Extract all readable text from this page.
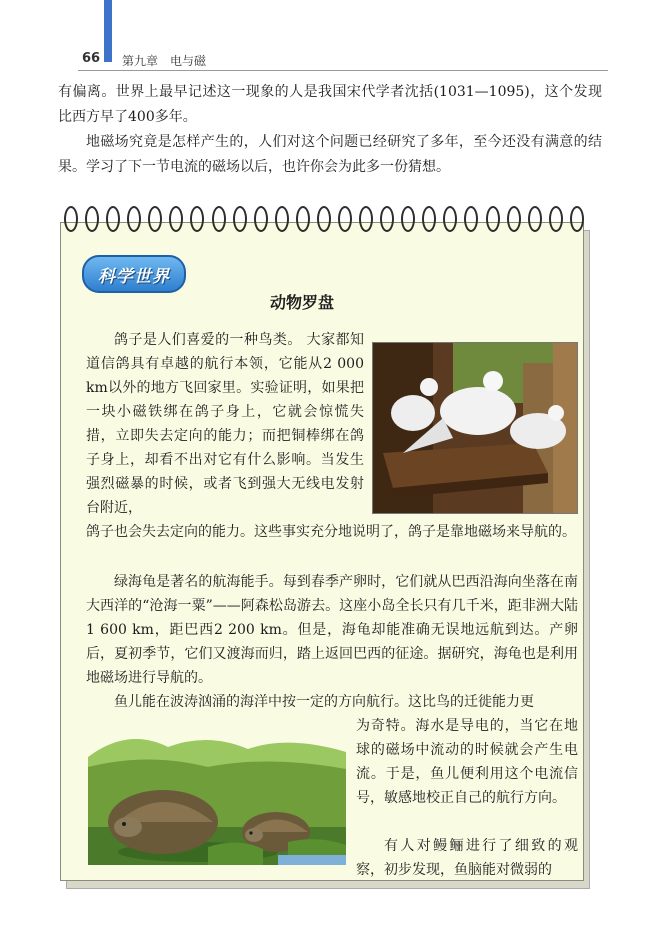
66 第九章　电与磁

有偏离。世界上最早记述这一现象的人是我国宋代学者沈括(1031—1095)，这个发现比西方早了400多年。

地磁场究竟是怎样产生的，人们对这个问题已经研究了多年，至今还没有满意的结果。学习了下一节电流的磁场以后，也许你会为此多一份猜想。

科学世界
动物罗盘

鸽子是人们喜爱的一种鸟类。 大家都知道信鸽具有卓越的航行本领，它能从2 000 km以外的地方飞回家里。实验证明，如果把一块小磁铁绑在鸽子身上，它就会惊慌失措，立即失去定向的能力；而把铜棒绑在鸽子身上，却看不出对它有什么影响。当发生强烈磁暴的时候，或者飞到强大无线电发射台附近，

鸽子也会失去定向的能力。这些事实充分地说明了，鸽子是靠地磁场来导航的。

绿海龟是著名的航海能手。每到春季产卵时，它们就从巴西沿海向坐落在南大西洋的“沧海一粟”——阿森松岛游去。这座小岛全长只有几千米，距非洲大陆1 600 km，距巴西2 200 km。但是，海龟却能准确无误地远航到达。产卵后，夏初季节，它们又渡海而归，踏上返回巴西的征途。据研究，海龟也是利用地磁场进行导航的。

鱼儿能在波涛汹涌的海洋中按一定的方向航行。这比鸟的迁徙能力更

为奇特。海水是导电的，当它在地球的磁场中流动的时候就会产生电流。于是，鱼儿便利用这个电流信号，敏感地校正自己的航行方向。

有人对鳗鲡进行了细致的观察，初步发现，鱼脑能对微弱的
